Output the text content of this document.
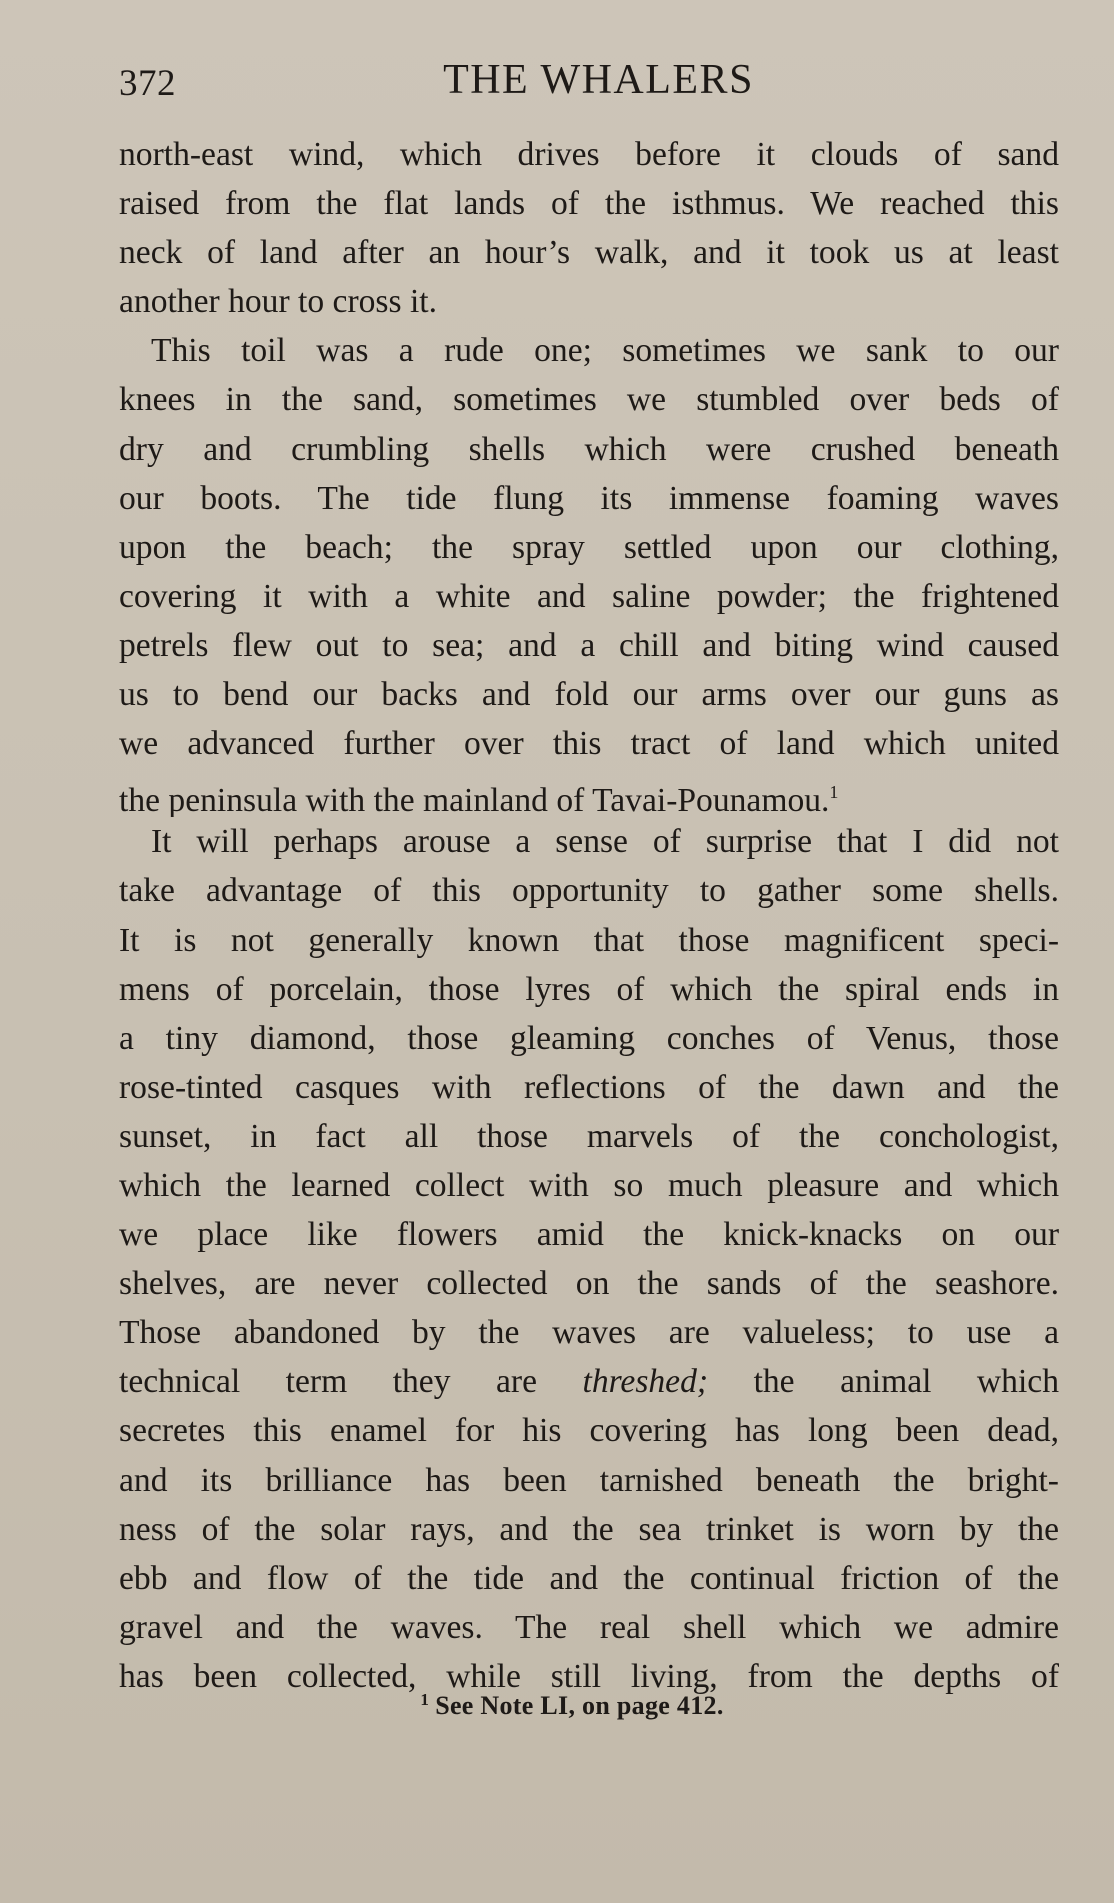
372	THE WHALERS
north-east wind, which drives before it clouds of sand
raised from the flat lands of the isthmus. We reached this
neck of land after an hour’s walk, and it took us at least
another hour to cross it.
This toil was a rude one; sometimes we sank to our
knees in the sand, sometimes we stumbled over beds of
dry and crumbling shells which were crushed beneath
our boots. The tide flung its immense foaming waves
upon the beach; the spray settled upon our clothing,
covering it with a white and saline powder; the frightened
petrels flew out to sea; and a chill and biting wind caused
us to bend our backs and fold our arms over our guns as
we advanced further over this tract of land which united
the peninsula with the mainland of Tavai-Pounamou.$^1$
It will perhaps arouse a sense of surprise that I did not
take advantage of this opportunity to gather some shells.
It is not generally known that those magnificent speci-
mens of porcelain, those lyres of which the spiral ends in
a tiny diamond, those gleaming conches of Venus, those
rose-tinted casques with reflections of the dawn and the
sunset, in fact all those marvels of the conchologist,
which the learned collect with so much pleasure and which
we place like flowers amid the knick-knacks on our
shelves, are never collected on the sands of the seashore.
Those abandoned by the waves are valueless; to use a
technical term they are threshed; the animal which
secretes this enamel for his covering has long been dead,
and its brilliance has been tarnished beneath the bright-
ness of the solar rays, and the sea trinket is worn by the
ebb and flow of the tide and the continual friction of the
gravel and the waves. The real shell which we admire
has been collected, while still living, from the depths of
$^1$ See Note LI, on page 412.
